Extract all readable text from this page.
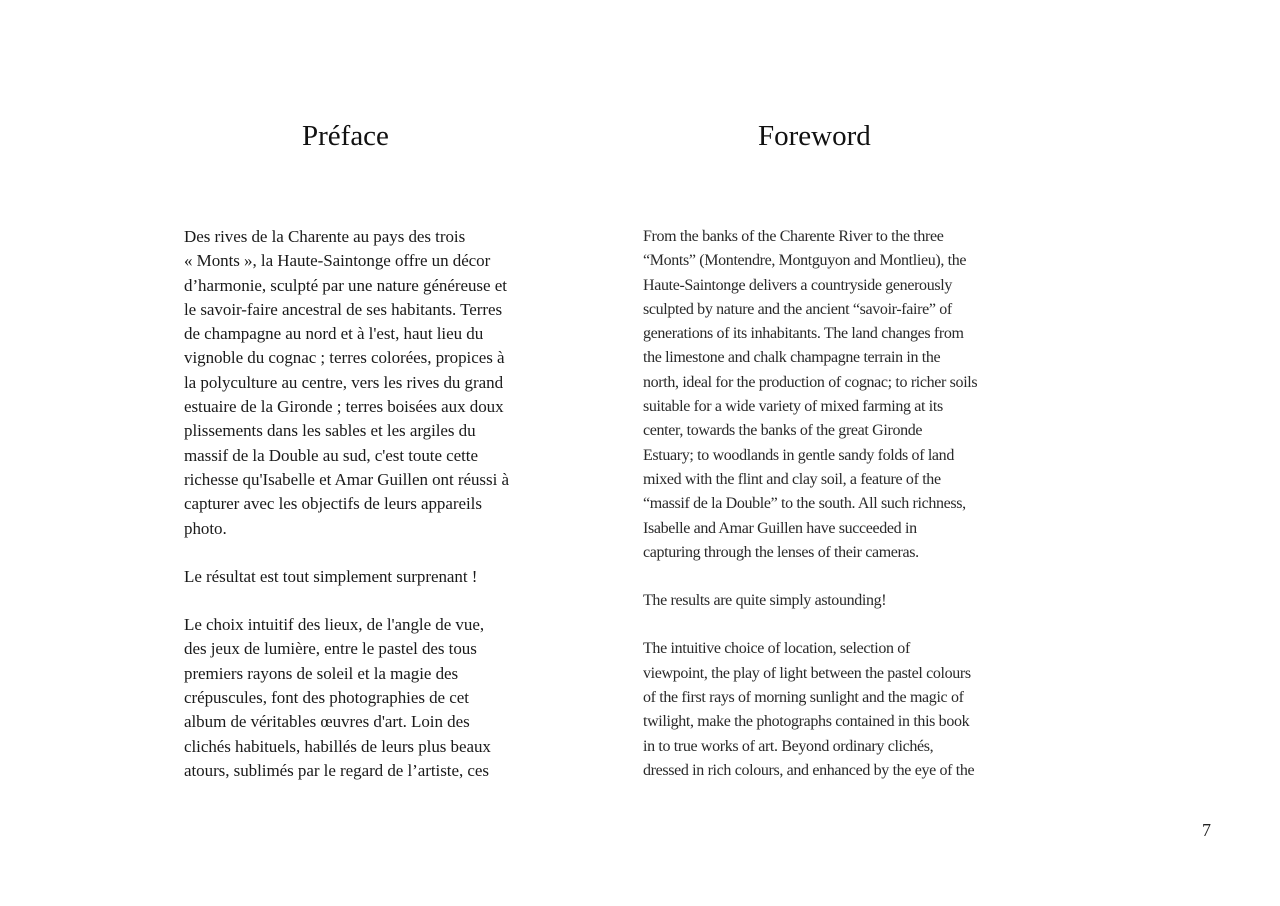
Préface	Foreword

Des rives de la Charente au pays des trois
« Monts », la Haute-Saintonge offre un décor
d’harmonie, sculpté par une nature généreuse et
le savoir-faire ancestral de ses habitants. Terres
de champagne au nord et à l'est, haut lieu du
vignoble du cognac ; terres colorées, propices à
la polyculture au centre, vers les rives du grand
estuaire de la Gironde ; terres boisées aux doux
plissements dans les sables et les argiles du
massif de la Double au sud, c'est toute cette
richesse qu'Isabelle et Amar Guillen ont réussi à
capturer avec les objectifs de leurs appareils
photo.

Le résultat est tout simplement surprenant !

Le choix intuitif des lieux, de l'angle de vue,
des jeux de lumière, entre le pastel des tous
premiers rayons de soleil et la magie des
crépuscules, font des photographies de cet
album de véritables œuvres d'art. Loin des
clichés habituels, habillés de leurs plus beaux
atours, sublimés par le regard de l’artiste, ces

From the banks of the Charente River to the three
“Monts” (Montendre, Montguyon and Montlieu), the
Haute-Saintonge delivers a countryside generously
sculpted by nature and the ancient “savoir-faire” of
generations of its inhabitants. The land changes from
the limestone and chalk champagne terrain in the
north, ideal for the production of cognac; to richer soils
suitable for a wide variety of mixed farming at its
center, towards the banks of the great Gironde
Estuary; to woodlands in gentle sandy folds of land
mixed with the flint and clay soil, a feature of the
“massif de la Double” to the south. All such richness,
Isabelle and Amar Guillen have succeeded in
capturing through the lenses of their cameras.

The results are quite simply astounding!

The intuitive choice of location, selection of
viewpoint, the play of light between the pastel colours
of the first rays of morning sunlight and the magic of
twilight, make the photographs contained in this book
in to true works of art. Beyond ordinary clichés,
dressed in rich colours, and enhanced by the eye of the

7
